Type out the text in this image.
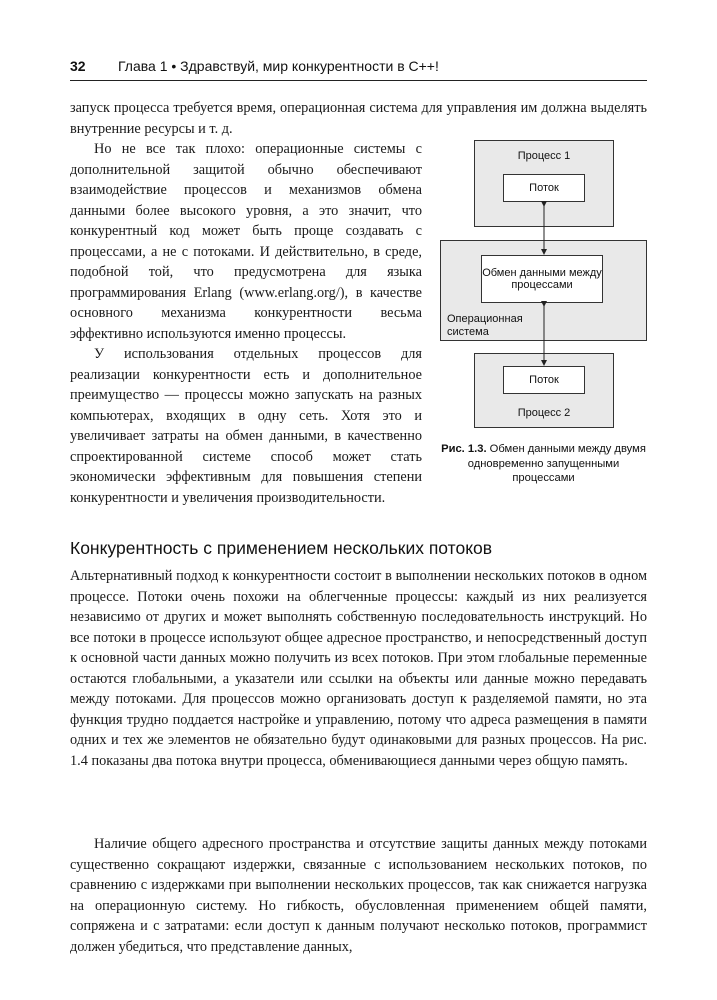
32 Глава 1 • Здравствуй, мир конкурентности в C++!
запуск процесса требуется время, операционная система для управления им должна выделять внутренние ресурсы и т. д.
Но не все так плохо: операционные системы с дополнительной защитой обычно обеспечивают взаимодействие процессов и механизмов обмена данными более высокого уровня, а это значит, что конкурентный код может быть проще создавать с процессами, а не с потоками. И действительно, в среде, подобной той, что предусмотрена для языка программирования Erlang (www.erlang.org/), в качестве основного механизма конкурентности весьма эффективно используются именно процессы.
У использования отдельных процессов для реализации конкурентности есть и дополнительное преимущество — процессы можно запускать на разных компьютерах, входящих в одну сеть. Хотя это и увеличивает затраты на обмен данными, в качественно спроектированной системе способ может стать экономически эффективным для повышения степени конкурентности и увеличения производительности.
Процесс 1
Поток
Обмен данными между процессами
Операционная система
Поток
Процесс 2
Рис. 1.3. Обмен данными между двумя одновременно запущенными процессами
Конкурентность с применением нескольких потоков
Альтернативный подход к конкурентности состоит в выполнении нескольких потоков в одном процессе. Потоки очень похожи на облегченные процессы: каждый из них реализуется независимо от других и может выполнять собственную последовательность инструкций. Но все потоки в процессе используют общее адресное пространство, и непосредственный доступ к основной части данных можно получить из всех потоков. При этом глобальные переменные остаются глобальными, а указатели или ссылки на объекты или данные можно передавать между потоками. Для процессов можно организовать доступ к разделяемой памяти, но эта функция трудно поддается настройке и управлению, потому что адреса размещения в памяти одних и тех же элементов не обязательно будут одинаковыми для разных процессов. На рис. 1.4 показаны два потока внутри процесса, обменивающиеся данными через общую память.
Наличие общего адресного пространства и отсутствие защиты данных между потоками существенно сокращают издержки, связанные с использованием нескольких потоков, по сравнению с издержками при выполнении нескольких процессов, так как снижается нагрузка на операционную систему. Но гибкость, обусловленная применением общей памяти, сопряжена и с затратами: если доступ к данным получают несколько потоков, программист должен убедиться, что представление данных,
